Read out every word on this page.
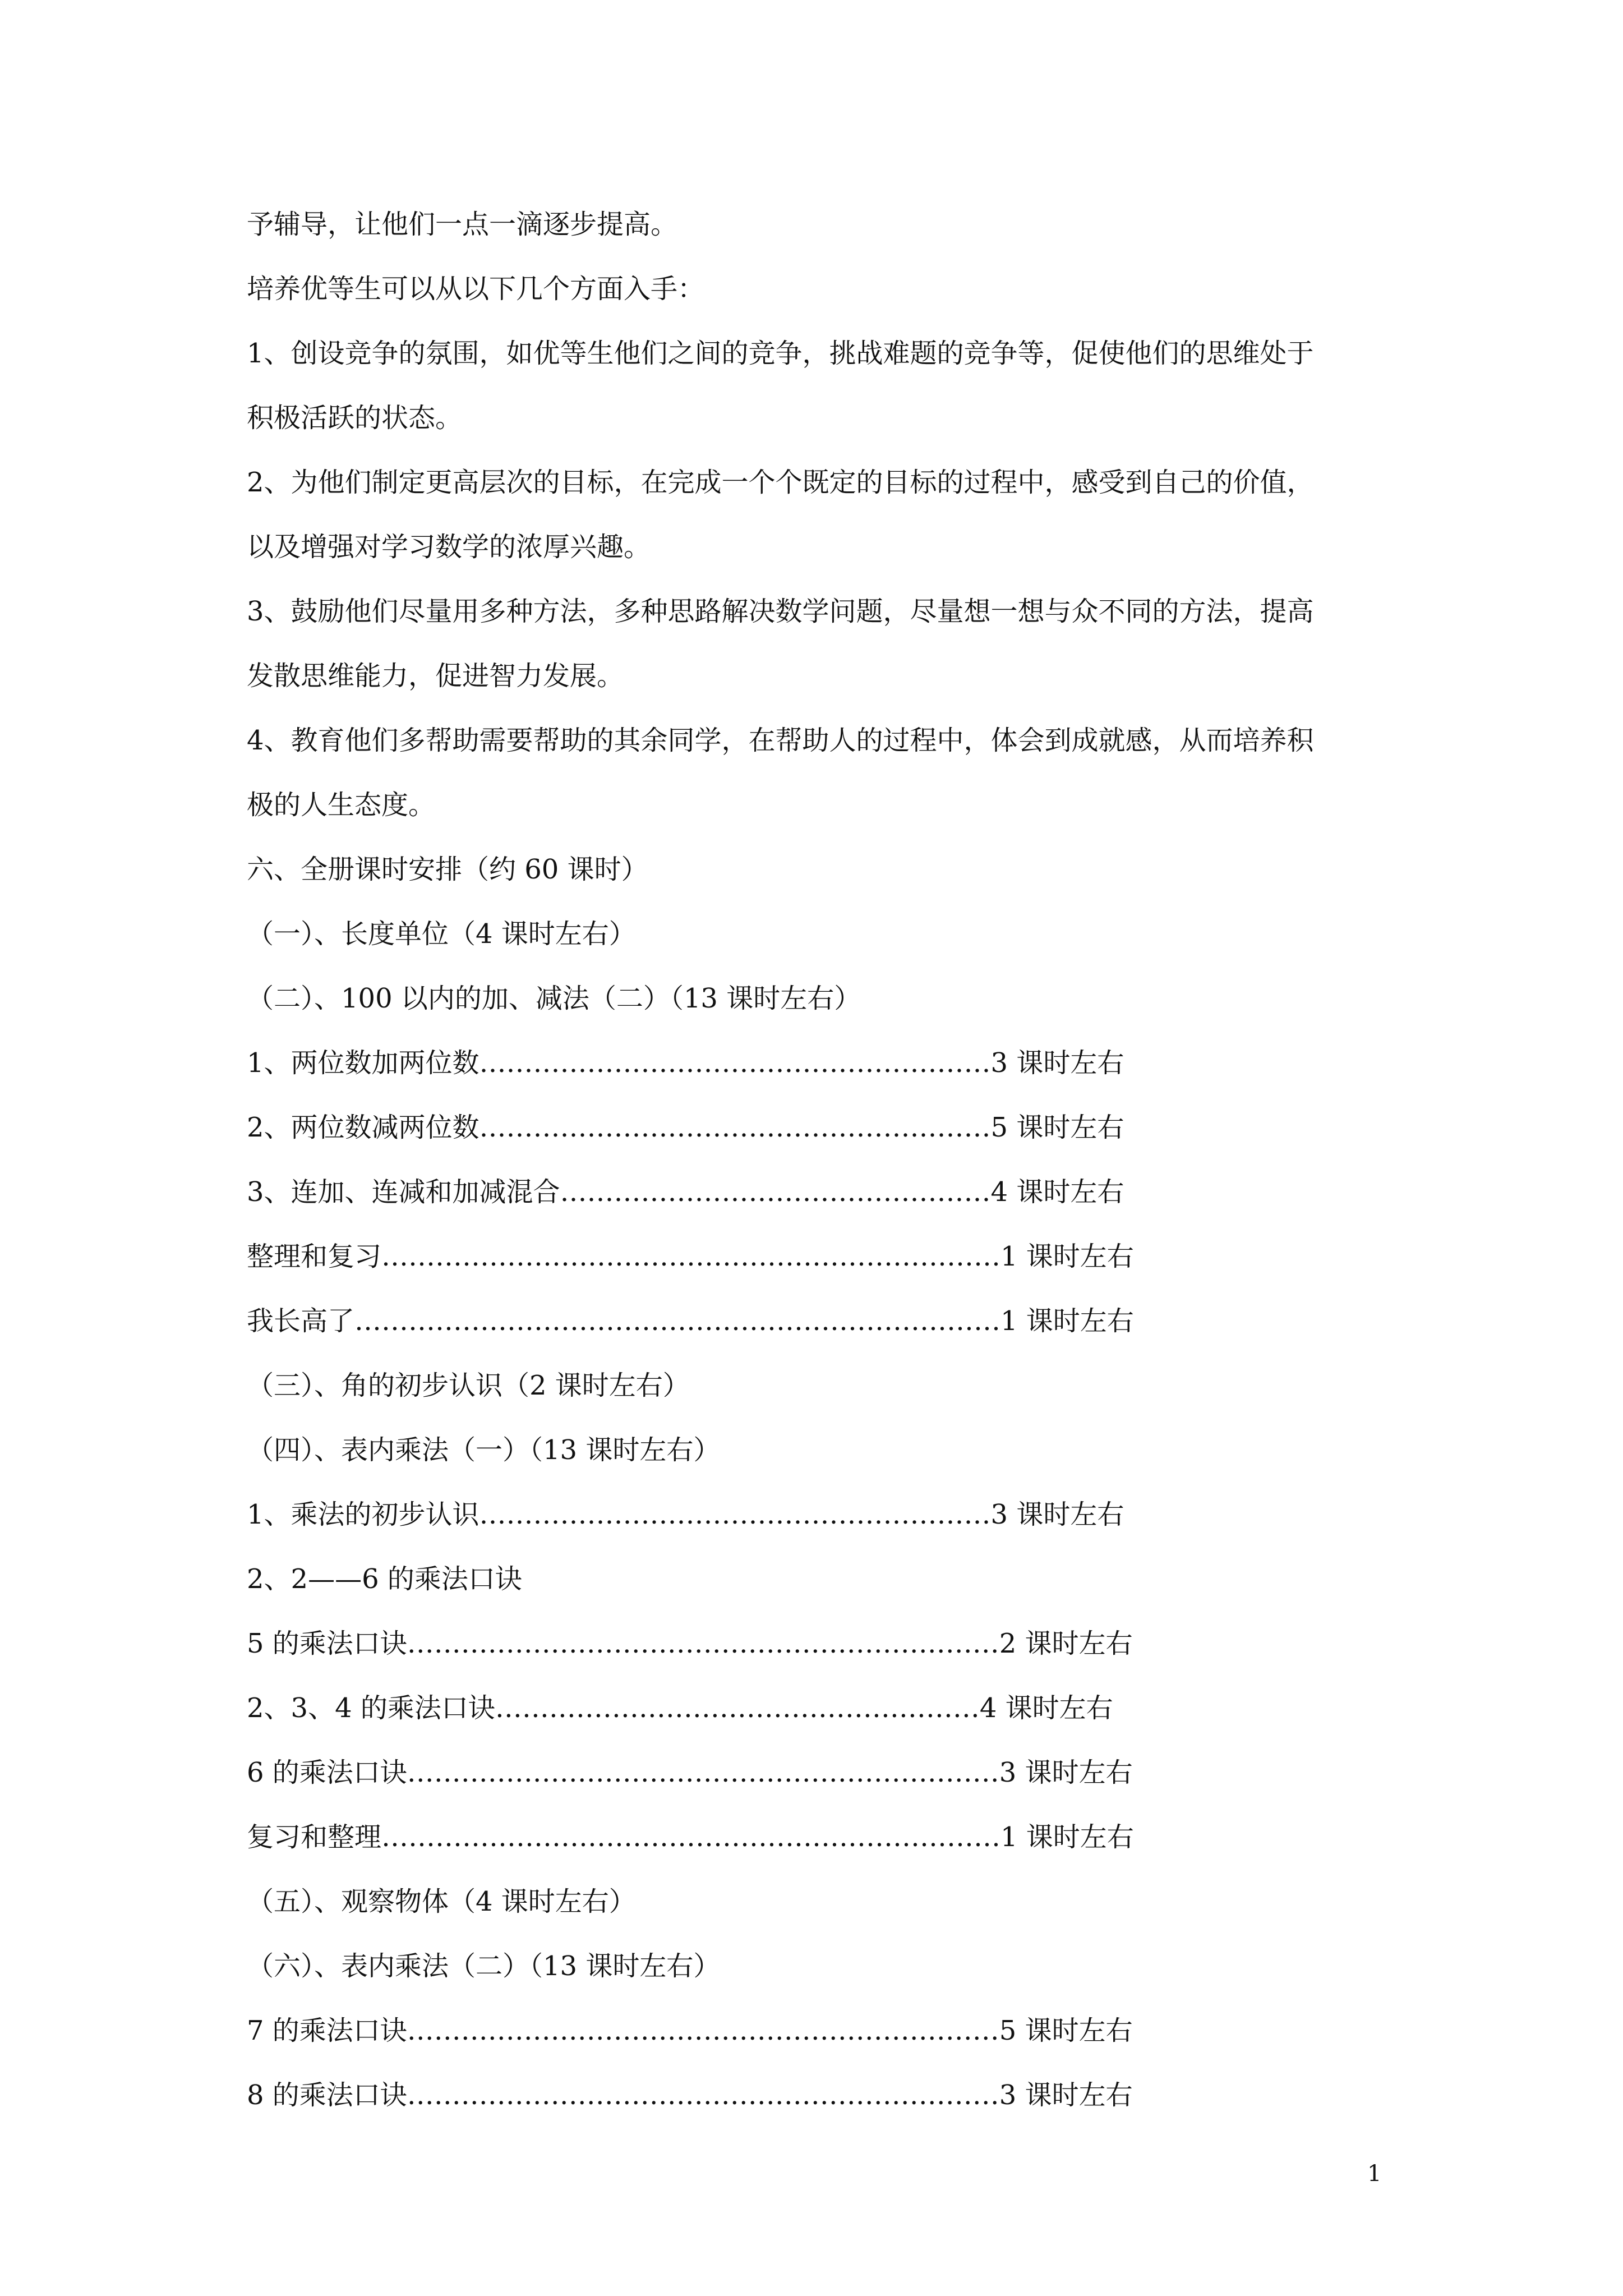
予辅导，让他们一点一滴逐步提高。
培养优等生可以从以下几个方面入手：
1、创设竞争的氛围，如优等生他们之间的竞争，挑战难题的竞争等，促使他们的思维处于
积极活跃的状态。
2、为他们制定更高层次的目标，在完成一个个既定的目标的过程中，感受到自己的价值，
以及增强对学习数学的浓厚兴趣。
3、鼓励他们尽量用多种方法，多种思路解决数学问题，尽量想一想与众不同的方法，提高
发散思维能力，促进智力发展。
4、教育他们多帮助需要帮助的其余同学，在帮助人的过程中，体会到成就感，从而培养积
极的人生态度。
六、全册课时安排（约 60 课时）
（一）、长度单位（4 课时左右）
（二）、100 以内的加、减法（二）（13 课时左右）
1、两位数加两位数…………………………………………………3 课时左右
2、两位数减两位数…………………………………………………5 课时左右
3、连加、连减和加减混合…………………………………………4 课时左右
整理和复习……………………………………………………………1 课时左右
我长高了………………………………………………………………1 课时左右
（三）、角的初步认识（2 课时左右）
（四）、表内乘法（一）（13 课时左右）
1、乘法的初步认识…………………………………………………3 课时左右
2、2——6 的乘法口诀
5 的乘法口诀…………………………………………………………2 课时左右
2、3、4 的乘法口诀………………………………………………4 课时左右
6 的乘法口诀…………………………………………………………3 课时左右
复习和整理……………………………………………………………1 课时左右
（五）、观察物体（4 课时左右）
（六）、表内乘法（二）（13 课时左右）
7 的乘法口诀…………………………………………………………5 课时左右
8 的乘法口诀…………………………………………………………3 课时左右
1
